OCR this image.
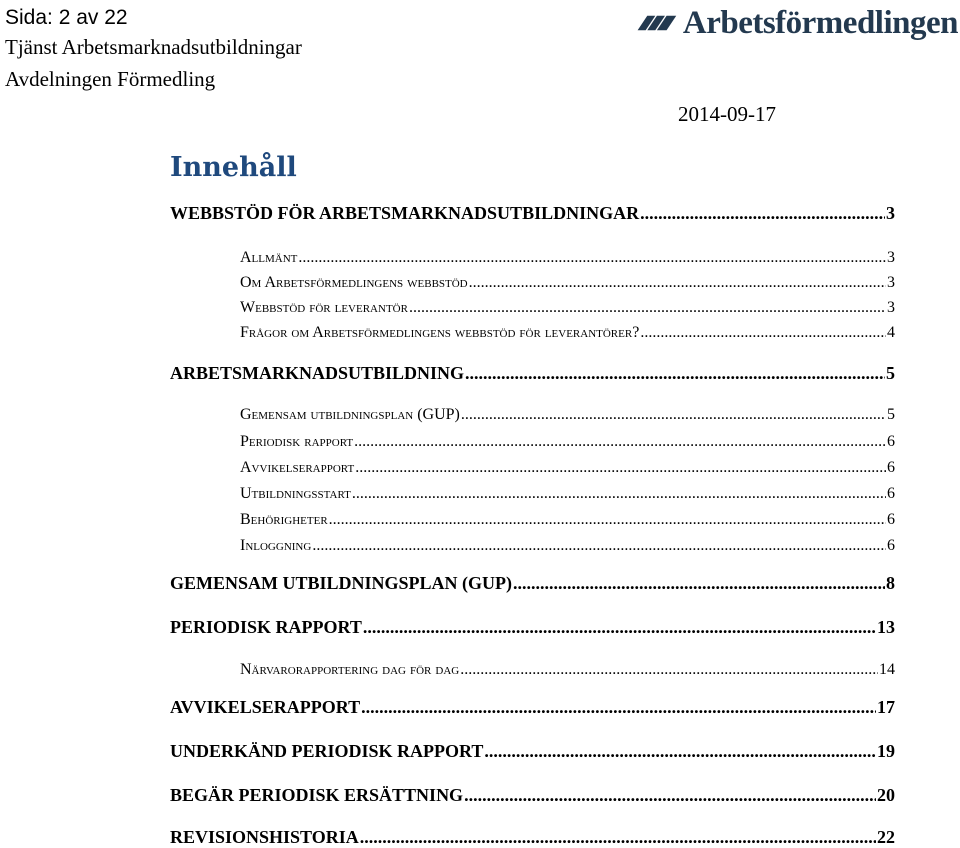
Sida: 2 av 22
Tjänst Arbetsmarknadsutbildningar
Avdelningen Förmedling
Arbetsförmedlingen
2014-09-17
Innehåll
WEBBSTÖD FÖR ARBETSMARKNADSUTBILDNINGAR .....	3
Allmänt .....	3
Om Arbetsförmedlingens webbstöd .....	3
Webbstöd för leverantör .....	3
Frågor om Arbetsförmedlingens webbstöd för leverantörer? .....	4
ARBETSMARKNADSUTBILDNING .....	5
Gemensam utbildningsplan (GUP) .....	5
Periodisk rapport .....	6
Avvikelserapport .....	6
Utbildningsstart .....	6
Behörigheter .....	6
Inloggning .....	6
GEMENSAM UTBILDNINGSPLAN (GUP) .....	8
PERIODISK RAPPORT .....	13
Närvarorapportering dag för dag .....	14
AVVIKELSERAPPORT .....	17
UNDERKÄND PERIODISK RAPPORT .....	19
BEGÄR PERIODISK ERSÄTTNING .....	20
REVISIONSHISTORIA .....	22
